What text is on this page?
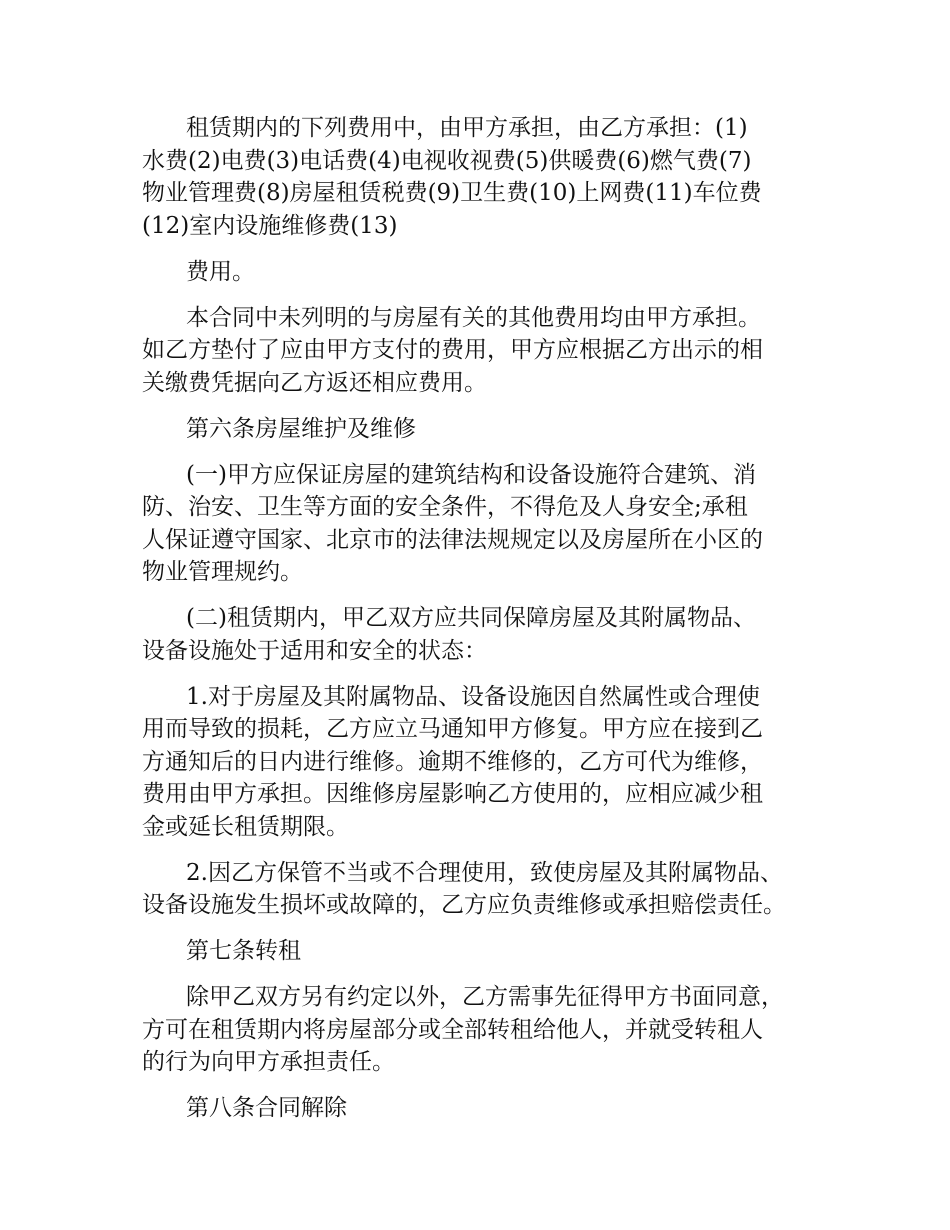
租赁期内的下列费用中，由甲方承担，由乙方承担：(1)
水费(2)电费(3)电话费(4)电视收视费(5)供暖费(6)燃气费(7)
物业管理费(8)房屋租赁税费(9)卫生费(10)上网费(11)车位费
(12)室内设施维修费(13)
费用。
本合同中未列明的与房屋有关的其他费用均由甲方承担。
如乙方垫付了应由甲方支付的费用，甲方应根据乙方出示的相
关缴费凭据向乙方返还相应费用。
第六条房屋维护及维修
(一)甲方应保证房屋的建筑结构和设备设施符合建筑、消
防、治安、卫生等方面的安全条件，不得危及人身安全;承租
人保证遵守国家、北京市的法律法规规定以及房屋所在小区的
物业管理规约。
(二)租赁期内，甲乙双方应共同保障房屋及其附属物品、
设备设施处于适用和安全的状态：
1.对于房屋及其附属物品、设备设施因自然属性或合理使
用而导致的损耗，乙方应立马通知甲方修复。甲方应在接到乙
方通知后的日内进行维修。逾期不维修的，乙方可代为维修，
费用由甲方承担。因维修房屋影响乙方使用的，应相应减少租
金或延长租赁期限。
2.因乙方保管不当或不合理使用，致使房屋及其附属物品、
设备设施发生损坏或故障的，乙方应负责维修或承担赔偿责任。
第七条转租
除甲乙双方另有约定以外，乙方需事先征得甲方书面同意，
方可在租赁期内将房屋部分或全部转租给他人，并就受转租人
的行为向甲方承担责任。
第八条合同解除
